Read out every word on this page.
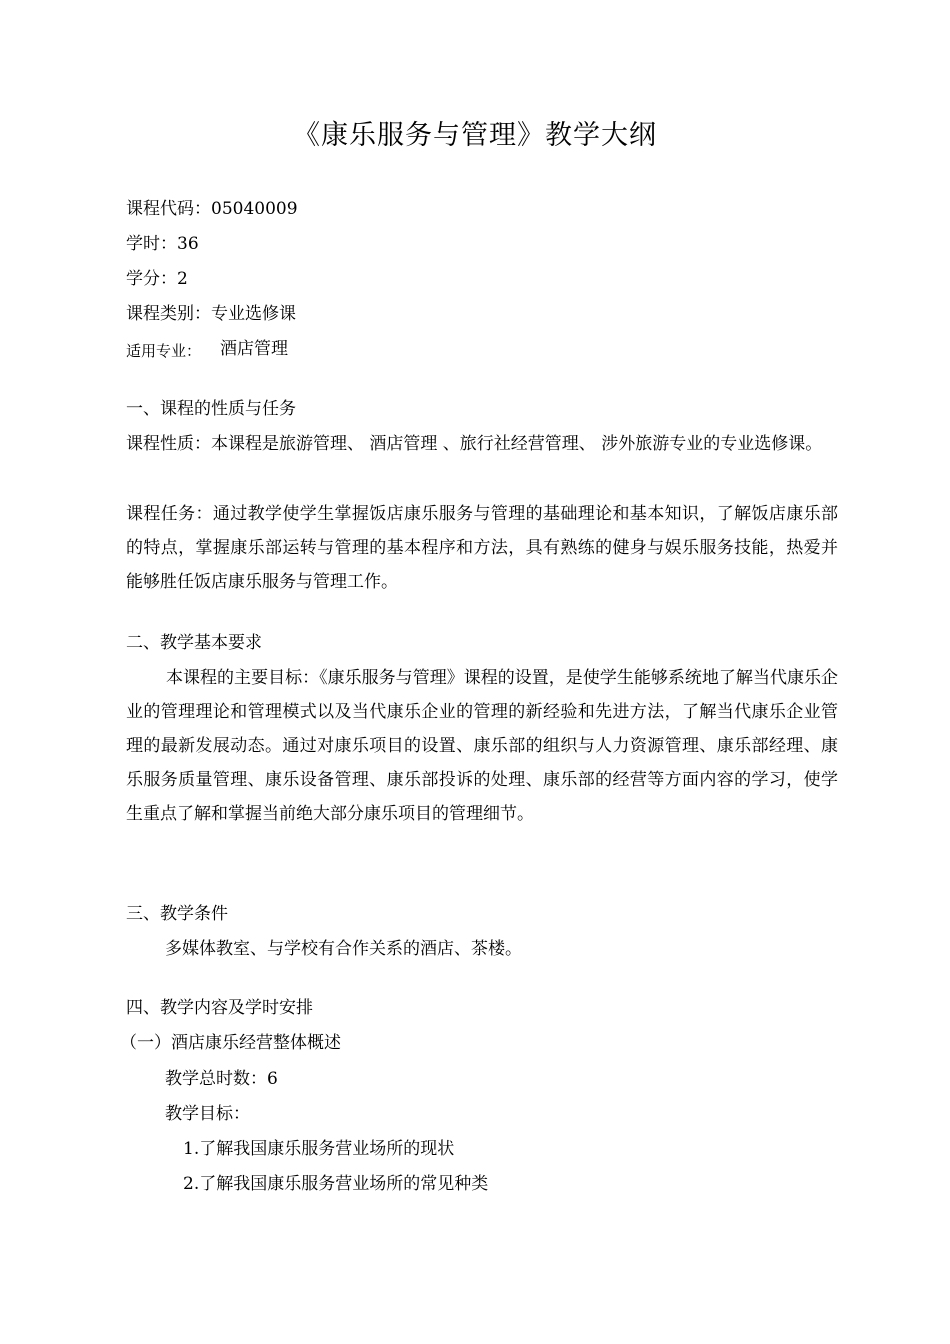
《康乐服务与管理》教学大纲
课程代码：05040009
学时：36
学分：2
课程类别：专业选修课
适用专业： 酒店管理
一、课程的性质与任务
课程性质：本课程是旅游管理、 酒店管理 、旅行社经营管理、 涉外旅游专业的专业选修课。
课程任务：通过教学使学生掌握饭店康乐服务与管理的基础理论和基本知识，了解饭店康乐部的特点，掌握康乐部运转与管理的基本程序和方法，具有熟练的健身与娱乐服务技能，热爱并能够胜任饭店康乐服务与管理工作。
二、教学基本要求
本课程的主要目标：《康乐服务与管理》课程的设置，是使学生能够系统地了解当代康乐企业的管理理论和管理模式以及当代康乐企业的管理的新经验和先进方法，了解当代康乐企业管理的最新发展动态。通过对康乐项目的设置、康乐部的组织与人力资源管理、康乐部经理、康乐服务质量管理、康乐设备管理、康乐部投诉的处理、康乐部的经营等方面内容的学习，使学生重点了解和掌握当前绝大部分康乐项目的管理细节。
三、教学条件
多媒体教室、与学校有合作关系的酒店、茶楼。
四、教学内容及学时安排
（一）酒店康乐经营整体概述
教学总时数：6
教学目标：
1.了解我国康乐服务营业场所的现状
2.了解我国康乐服务营业场所的常见种类
